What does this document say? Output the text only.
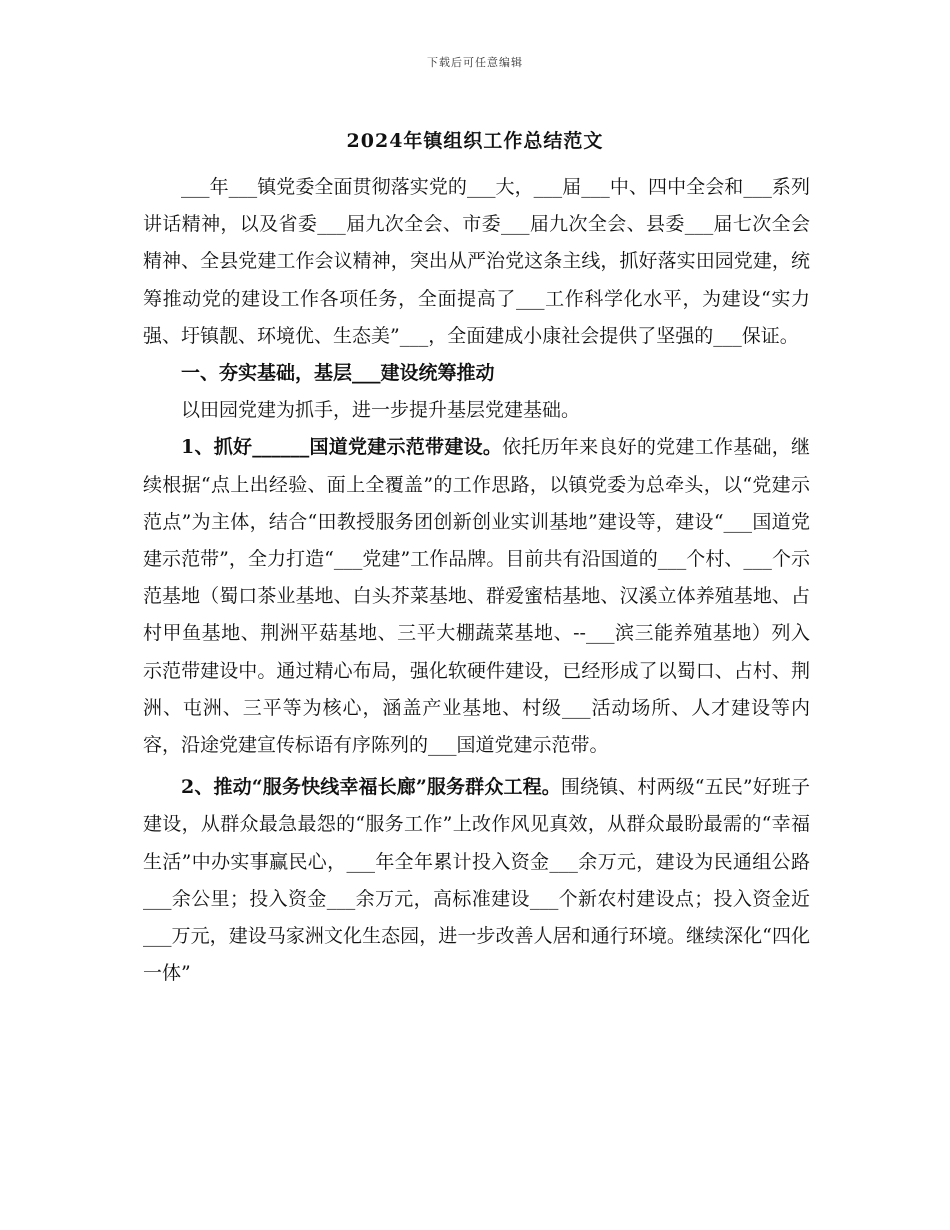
下载后可任意编辑
2024年镇组织工作总结范文

___年___镇党委全面贯彻落实党的___大，___届___中、四中全会和___系列讲话精神，以及省委___届九次全会、市委___届九次全会、县委___届七次全会精神、全县党建工作会议精神，突出从严治党这条主线，抓好落实田园党建，统筹推动党的建设工作各项任务，全面提高了___工作科学化水平，为建设“实力强、圩镇靓、环境优、生态美”___，全面建成小康社会提供了坚强的___保证。

一、夯实基础，基层___建设统筹推动

以田园党建为抓手，进一步提升基层党建基础。

1、抓好______国道党建示范带建设。依托历年来良好的党建工作基础，继续根据“点上出经验、面上全覆盖”的工作思路，以镇党委为总牵头，以“党建示范点”为主体，结合“田教授服务团创新创业实训基地”建设等，建设“___国道党建示范带”，全力打造“___党建”工作品牌。目前共有沿国道的___个村、___个示范基地（蜀口茶业基地、白头芥菜基地、群爱蜜桔基地、汉溪立体养殖基地、占村甲鱼基地、荆洲平菇基地、三平大棚蔬菜基地、--___滨三能养殖基地）列入示范带建设中。通过精心布局，强化软硬件建设，已经形成了以蜀口、占村、荆洲、屯洲、三平等为核心，涵盖产业基地、村级___活动场所、人才建设等内容，沿途党建宣传标语有序陈列的___国道党建示范带。

2、推动“服务快线幸福长廊”服务群众工程。围绕镇、村两级“五民”好班子建设，从群众最急最怨的“服务工作”上改作风见真效，从群众最盼最需的“幸福生活”中办实事赢民心，___年全年累计投入资金___余万元，建设为民通组公路___余公里；投入资金___余万元，高标准建设___个新农村建设点；投入资金近___万元，建设马家洲文化生态园，进一步改善人居和通行环境。继续深化“四化一体”
